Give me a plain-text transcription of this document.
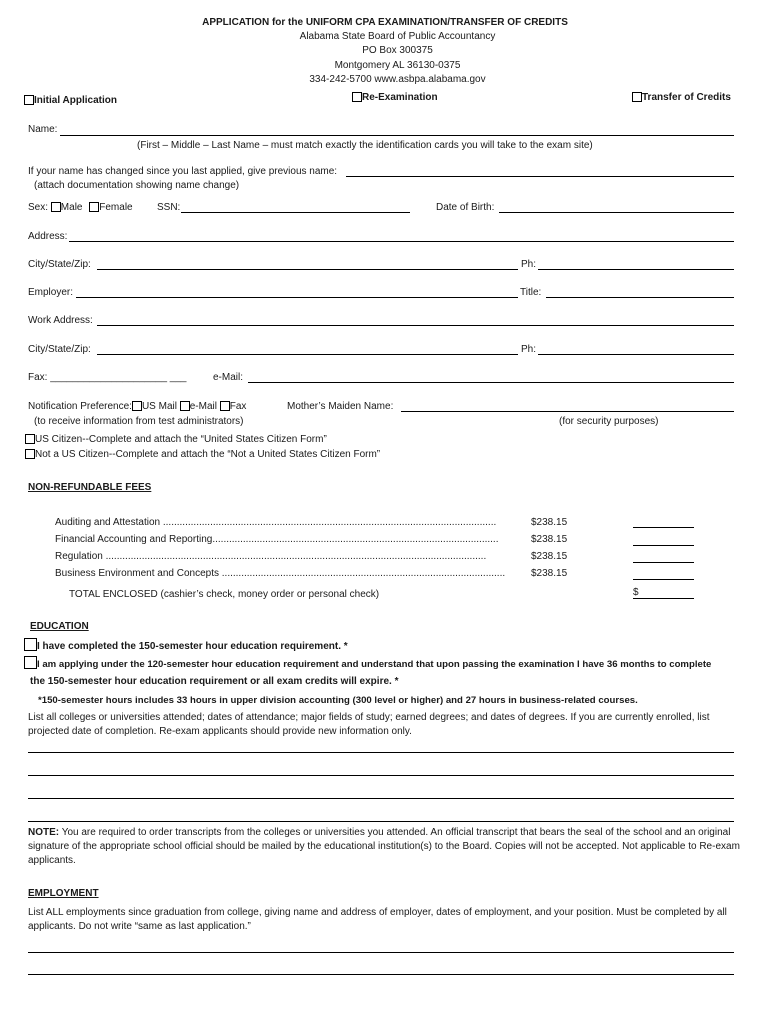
APPLICATION for the UNIFORM CPA EXAMINATION/TRANSFER OF CREDITS
Alabama State Board of Public Accountancy
PO Box 300375
Montgomery AL 36130-0375
334-242-5700 www.asbpa.alabama.gov
Initial Application	Re-Examination	Transfer of Credits
Name:
(First – Middle – Last Name – must match exactly the identification cards you will take to the exam site)
If your name has changed since you last applied, give previous name:
(attach documentation showing name change)
Sex: Male Female SSN:	Date of Birth:
Address:
City/State/Zip:	Ph:
Employer:	Title:
Work Address:
City/State/Zip:	Ph:
Fax: _____________________ ___	e-Mail:
Notification Preference: US Mail e-Mail Fax	Mother’s Maiden Name:
(to receive information from test administrators)	(for security purposes)
US Citizen--Complete and attach the “United States Citizen Form”
Not a US Citizen--Complete and attach the “Not a United States Citizen Form”
NON-REFUNDABLE FEES
Auditing and Attestation ........................................................................................................................	$238.15
Financial Accounting and Reporting.......................................................................................................	$238.15
Regulation .........................................................................................................................................	$238.15
Business Environment and Concepts ......................................................................................................	$238.15
TOTAL ENCLOSED (cashier’s check, money order or personal check)	$
EDUCATION
I have completed the 150-semester hour education requirement. *
I am applying under the 120-semester hour education requirement and understand that upon passing the examination I have 36 months to complete
the 150-semester hour education requirement or all exam credits will expire. *
*150-semester hours includes 33 hours in upper division accounting (300 level or higher) and 27 hours in business-related courses.
List all colleges or universities attended; dates of attendance; major fields of study; earned degrees; and dates of degrees. If you are currently enrolled, list projected date of completion. Re-exam applicants should provide new information only.
NOTE: You are required to order transcripts from the colleges or universities you attended. An official transcript that bears the seal of the school and an original signature of the appropriate school official should be mailed by the educational institution(s) to the Board. Copies will not be accepted. Not applicable to Re-exam applicants.
EMPLOYMENT
List ALL employments since graduation from college, giving name and address of employer, dates of employment, and your position. Must be completed by all applicants. Do not write “same as last application.”
